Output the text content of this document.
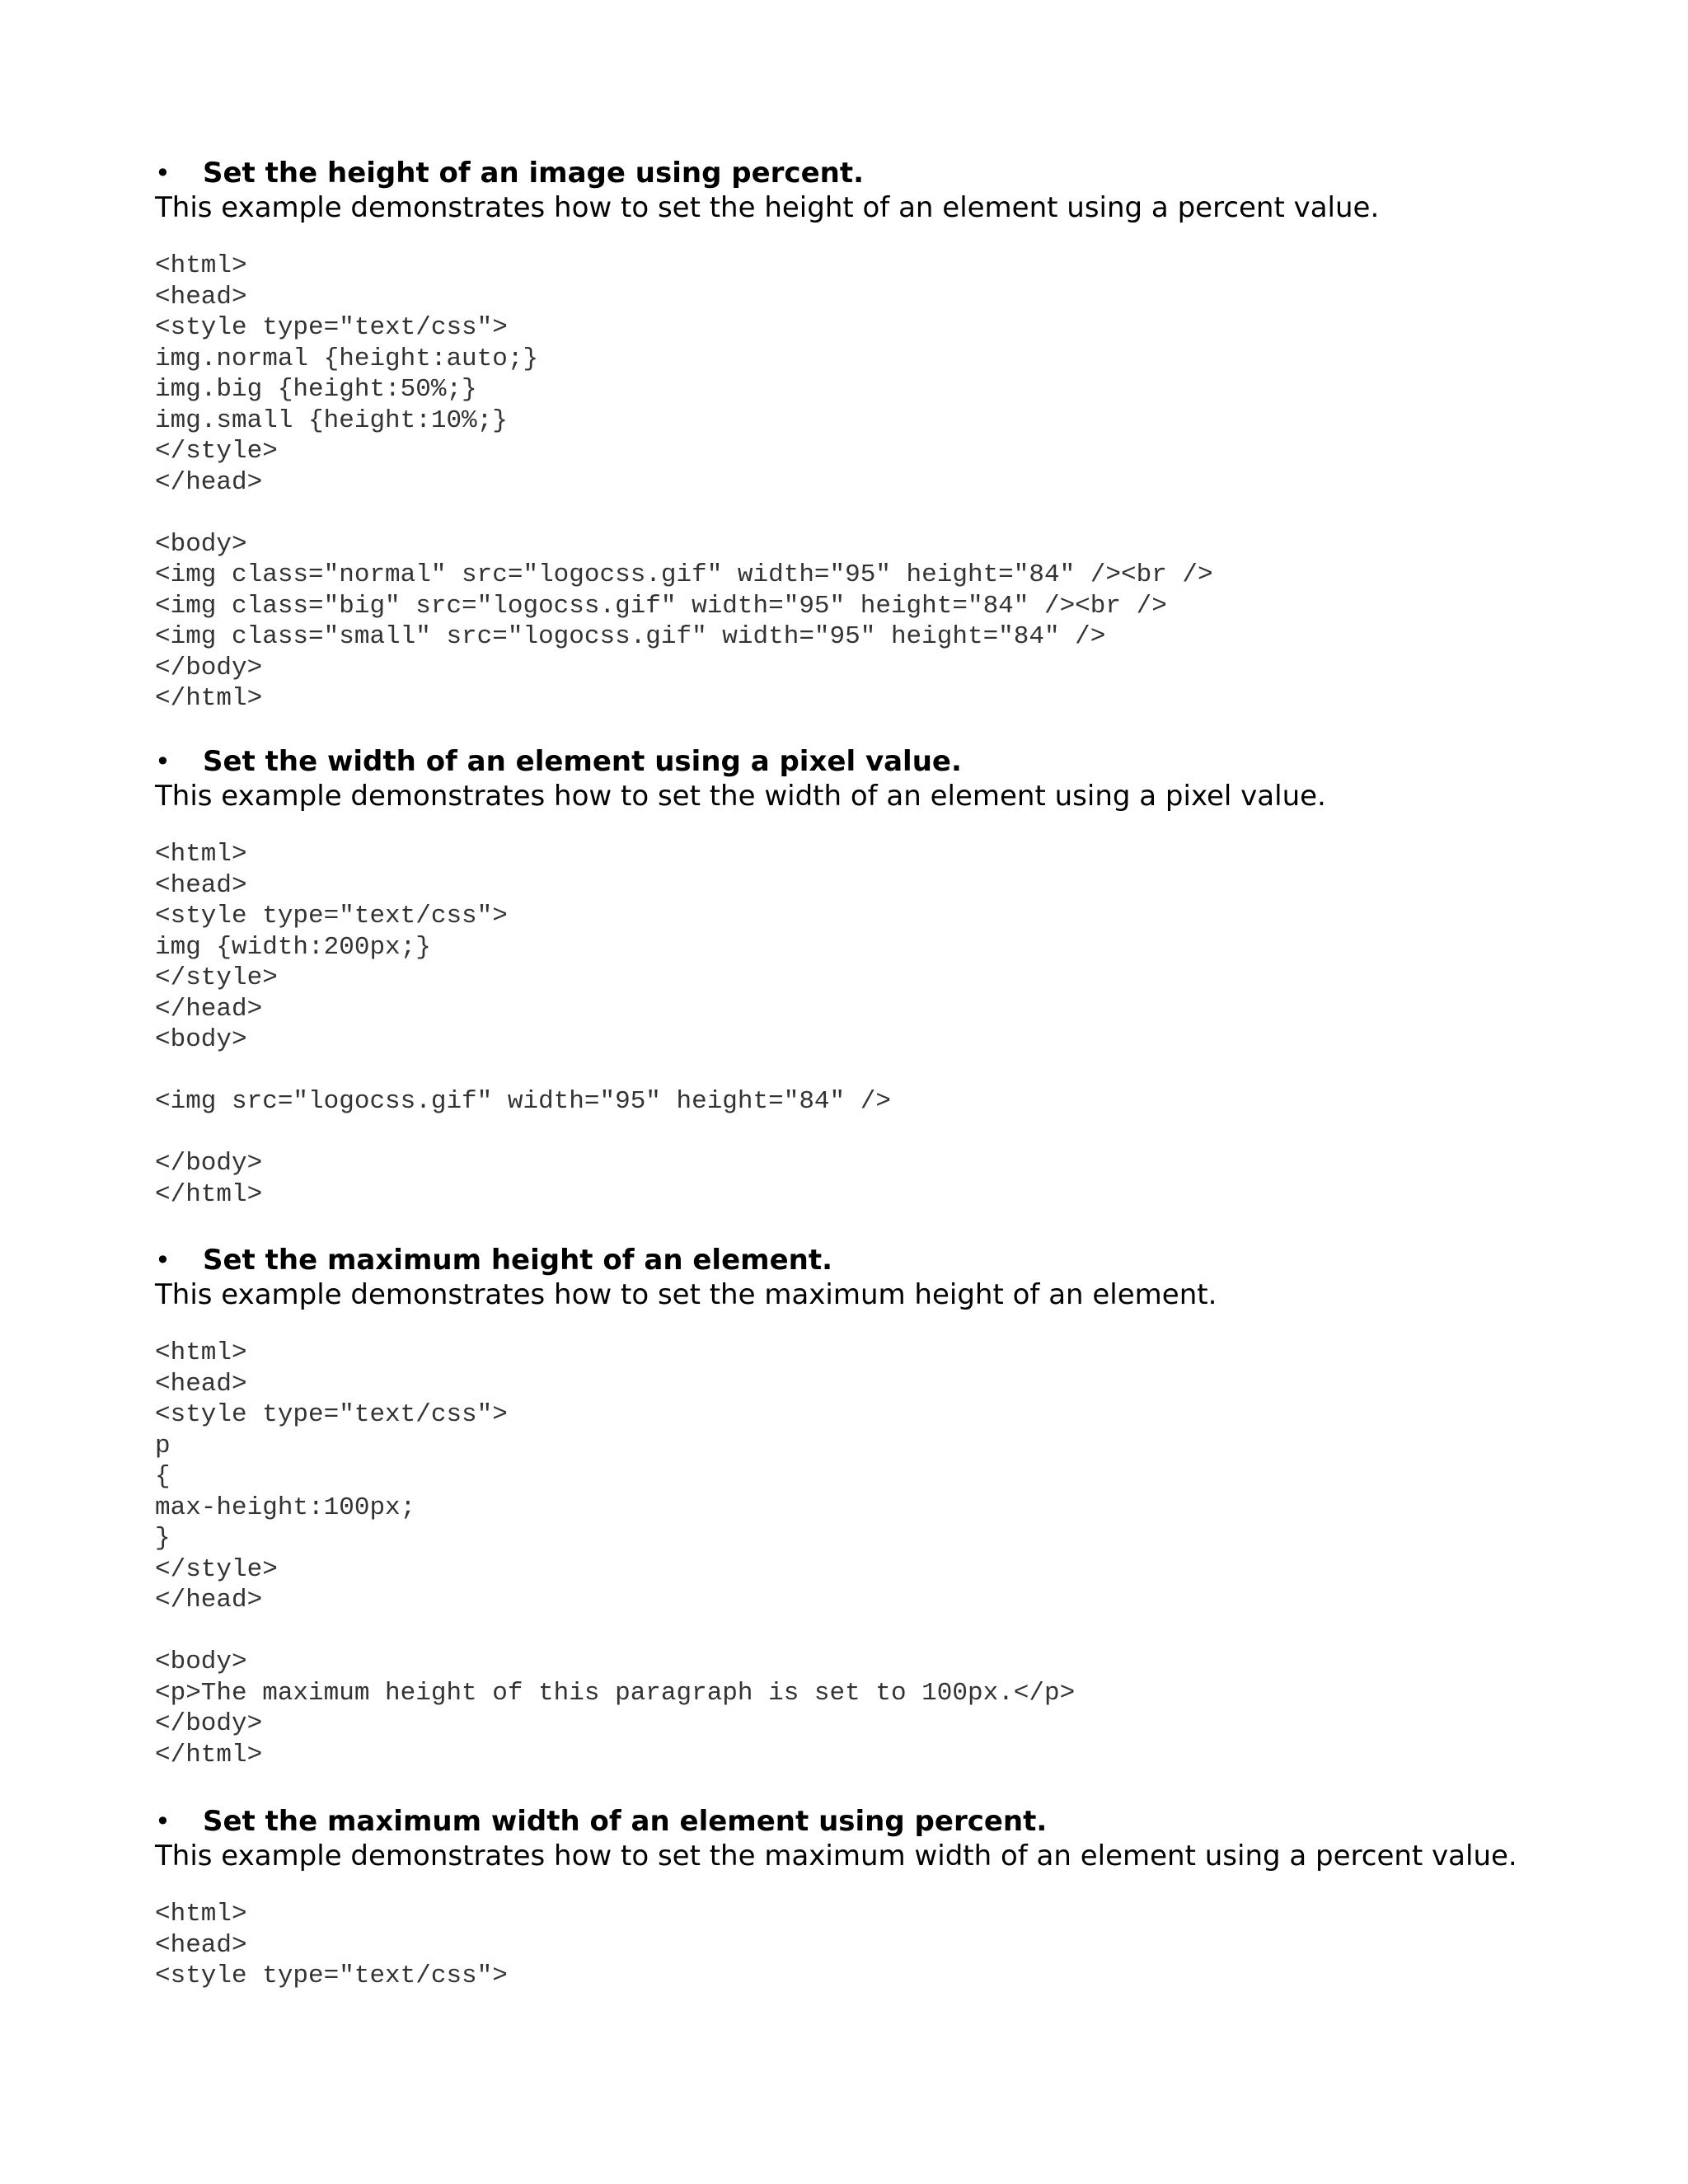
•	Set the height of an image using percent.
This example demonstrates how to set the height of an element using a percent value.
<html>
<head>
<style type="text/css">
img.normal {height:auto;}
img.big {height:50%;}
img.small {height:10%;}
</style>
</head>
<body>
<img class="normal" src="logocss.gif" width="95" height="84" /><br />
<img class="big" src="logocss.gif" width="95" height="84" /><br />
<img class="small" src="logocss.gif" width="95" height="84" />
</body>
</html>
•	Set the width of an element using a pixel value.
This example demonstrates how to set the width of an element using a pixel value.
<html>
<head>
<style type="text/css">
img {width:200px;}
</style>
</head>
<body>
<img src="logocss.gif" width="95" height="84" />
</body>
</html>
•	Set the maximum height of an element.
This example demonstrates how to set the maximum height of an element.
<html>
<head>
<style type="text/css">
p
{
max-height:100px;
}
</style>
</head>
<body>
<p>The maximum height of this paragraph is set to 100px.</p>
</body>
</html>
•	Set the maximum width of an element using percent.
This example demonstrates how to set the maximum width of an element using a percent value.
<html>
<head>
<style type="text/css">
